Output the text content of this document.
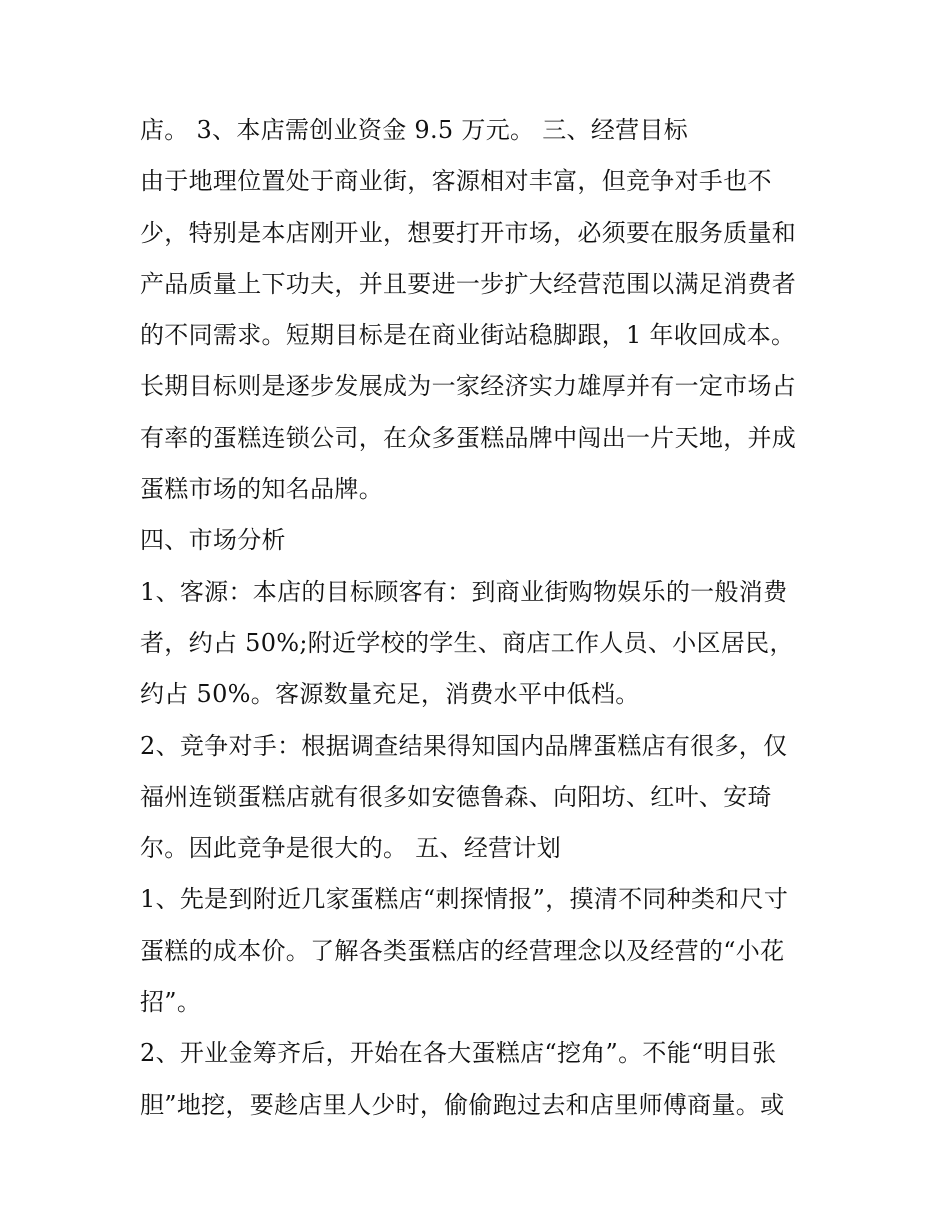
店。 3、本店需创业资金 9.5 万元。 三、经营目标
由于地理位置处于商业街，客源相对丰富，但竞争对手也不
少，特别是本店刚开业，想要打开市场，必须要在服务质量和
产品质量上下功夫，并且要进一步扩大经营范围以满足消费者
的不同需求。短期目标是在商业街站稳脚跟，1 年收回成本。
长期目标则是逐步发展成为一家经济实力雄厚并有一定市场占
有率的蛋糕连锁公司，在众多蛋糕品牌中闯出一片天地，并成
蛋糕市场的知名品牌。
四、市场分析
1、客源：本店的目标顾客有：到商业街购物娱乐的一般消费
者，约占 50%;附近学校的学生、商店工作人员、小区居民，
约占 50%。客源数量充足，消费水平中低档。
2、竞争对手：根据调查结果得知国内品牌蛋糕店有很多，仅
福州连锁蛋糕店就有很多如安德鲁森、向阳坊、红叶、安琦
尔。因此竞争是很大的。 五、经营计划
1、先是到附近几家蛋糕店“刺探情报”，摸清不同种类和尺寸
蛋糕的成本价。了解各类蛋糕店的经营理念以及经营的“小花
招”。
2、开业金筹齐后，开始在各大蛋糕店“挖角”。不能“明目张
胆”地挖，要趁店里人少时，偷偷跑过去和店里师傅商量。或
